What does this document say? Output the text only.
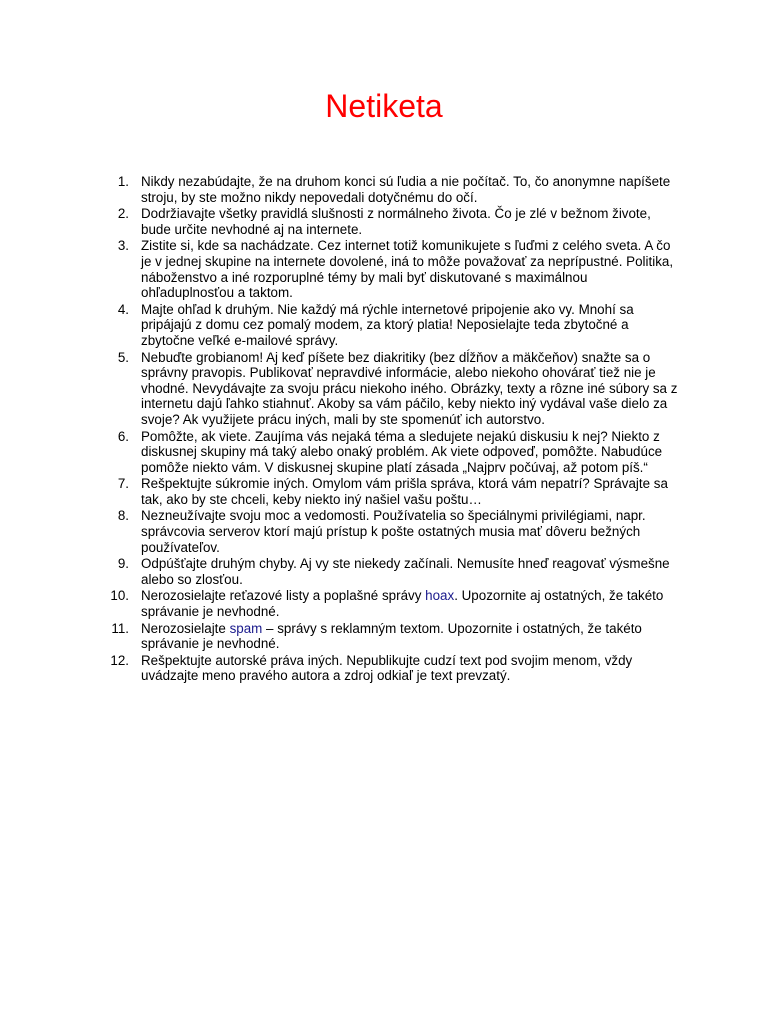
Netiketa
1. Nikdy nezabúdajte, že na druhom konci sú ľudia a nie počítač. To, čo anonymne napíšete stroju, by ste možno nikdy nepovedali dotyčnému do očí.
2. Dodržiavajte všetky pravidlá slušnosti z normálneho života. Čo je zlé v bežnom živote, bude určite nevhodné aj na internete.
3. Zistite si, kde sa nachádzate. Cez internet totiž komunikujete s ľuďmi z celého sveta. A čo je v jednej skupine na internete dovolené, iná to môže považovať za neprípustné. Politika, náboženstvo a iné rozporuplné témy by mali byť diskutované s maximálnou ohľaduplnosťou a taktom.
4. Majte ohľad k druhým. Nie každý má rýchle internetové pripojenie ako vy. Mnohí sa pripájajú z domu cez pomalý modem, za ktorý platia! Neposielajte teda zbytočné a zbytočne veľké e-mailové správy.
5. Nebuďte grobianom! Aj keď píšete bez diakritiky (bez dĺžňov a mäkčeňov) snažte sa o správny pravopis. Publikovať nepravdivé informácie, alebo niekoho ohovárať tiež nie je vhodné. Nevydávajte za svoju prácu niekoho iného. Obrázky, texty a rôzne iné súbory sa z internetu dajú ľahko stiahnuť. Akoby sa vám páčilo, keby niekto iný vydával vaše dielo za svoje? Ak využijete prácu iných, mali by ste spomenúť ich autorstvo.
6. Pomôžte, ak viete. Zaujíma vás nejaká téma a sledujete nejakú diskusiu k nej? Niekto z diskusnej skupiny má taký alebo onaký problém. Ak viete odpoveď, pomôžte. Nabudúce pomôže niekto vám. V diskusnej skupine platí zásada „Najprv počúvaj, až potom píš.“
7. Rešpektujte súkromie iných. Omylom vám prišla správa, ktorá vám nepatrí? Správajte sa tak, ako by ste chceli, keby niekto iný našiel vašu poštu…
8. Nezneužívajte svoju moc a vedomosti. Používatelia so špeciálnymi privilégiami, napr. správcovia serverov ktorí majú prístup k pošte ostatných musia mať dôveru bežných používateľov.
9. Odpúšťajte druhým chyby. Aj vy ste niekedy začínali. Nemusíte hneď reagovať výsmešne alebo so zlosťou.
10. Nerozosielajte reťazové listy a poplašné správy hoax. Upozornite aj ostatných, že takéto správanie je nevhodné.
11. Nerozosielajte spam – správy s reklamným textom. Upozornite i ostatných, že takéto správanie je nevhodné.
12. Rešpektujte autorské práva iných. Nepublikujte cudzí text pod svojim menom, vždy uvádzajte meno pravého autora a zdroj odkiaľ je text prevzatý.
